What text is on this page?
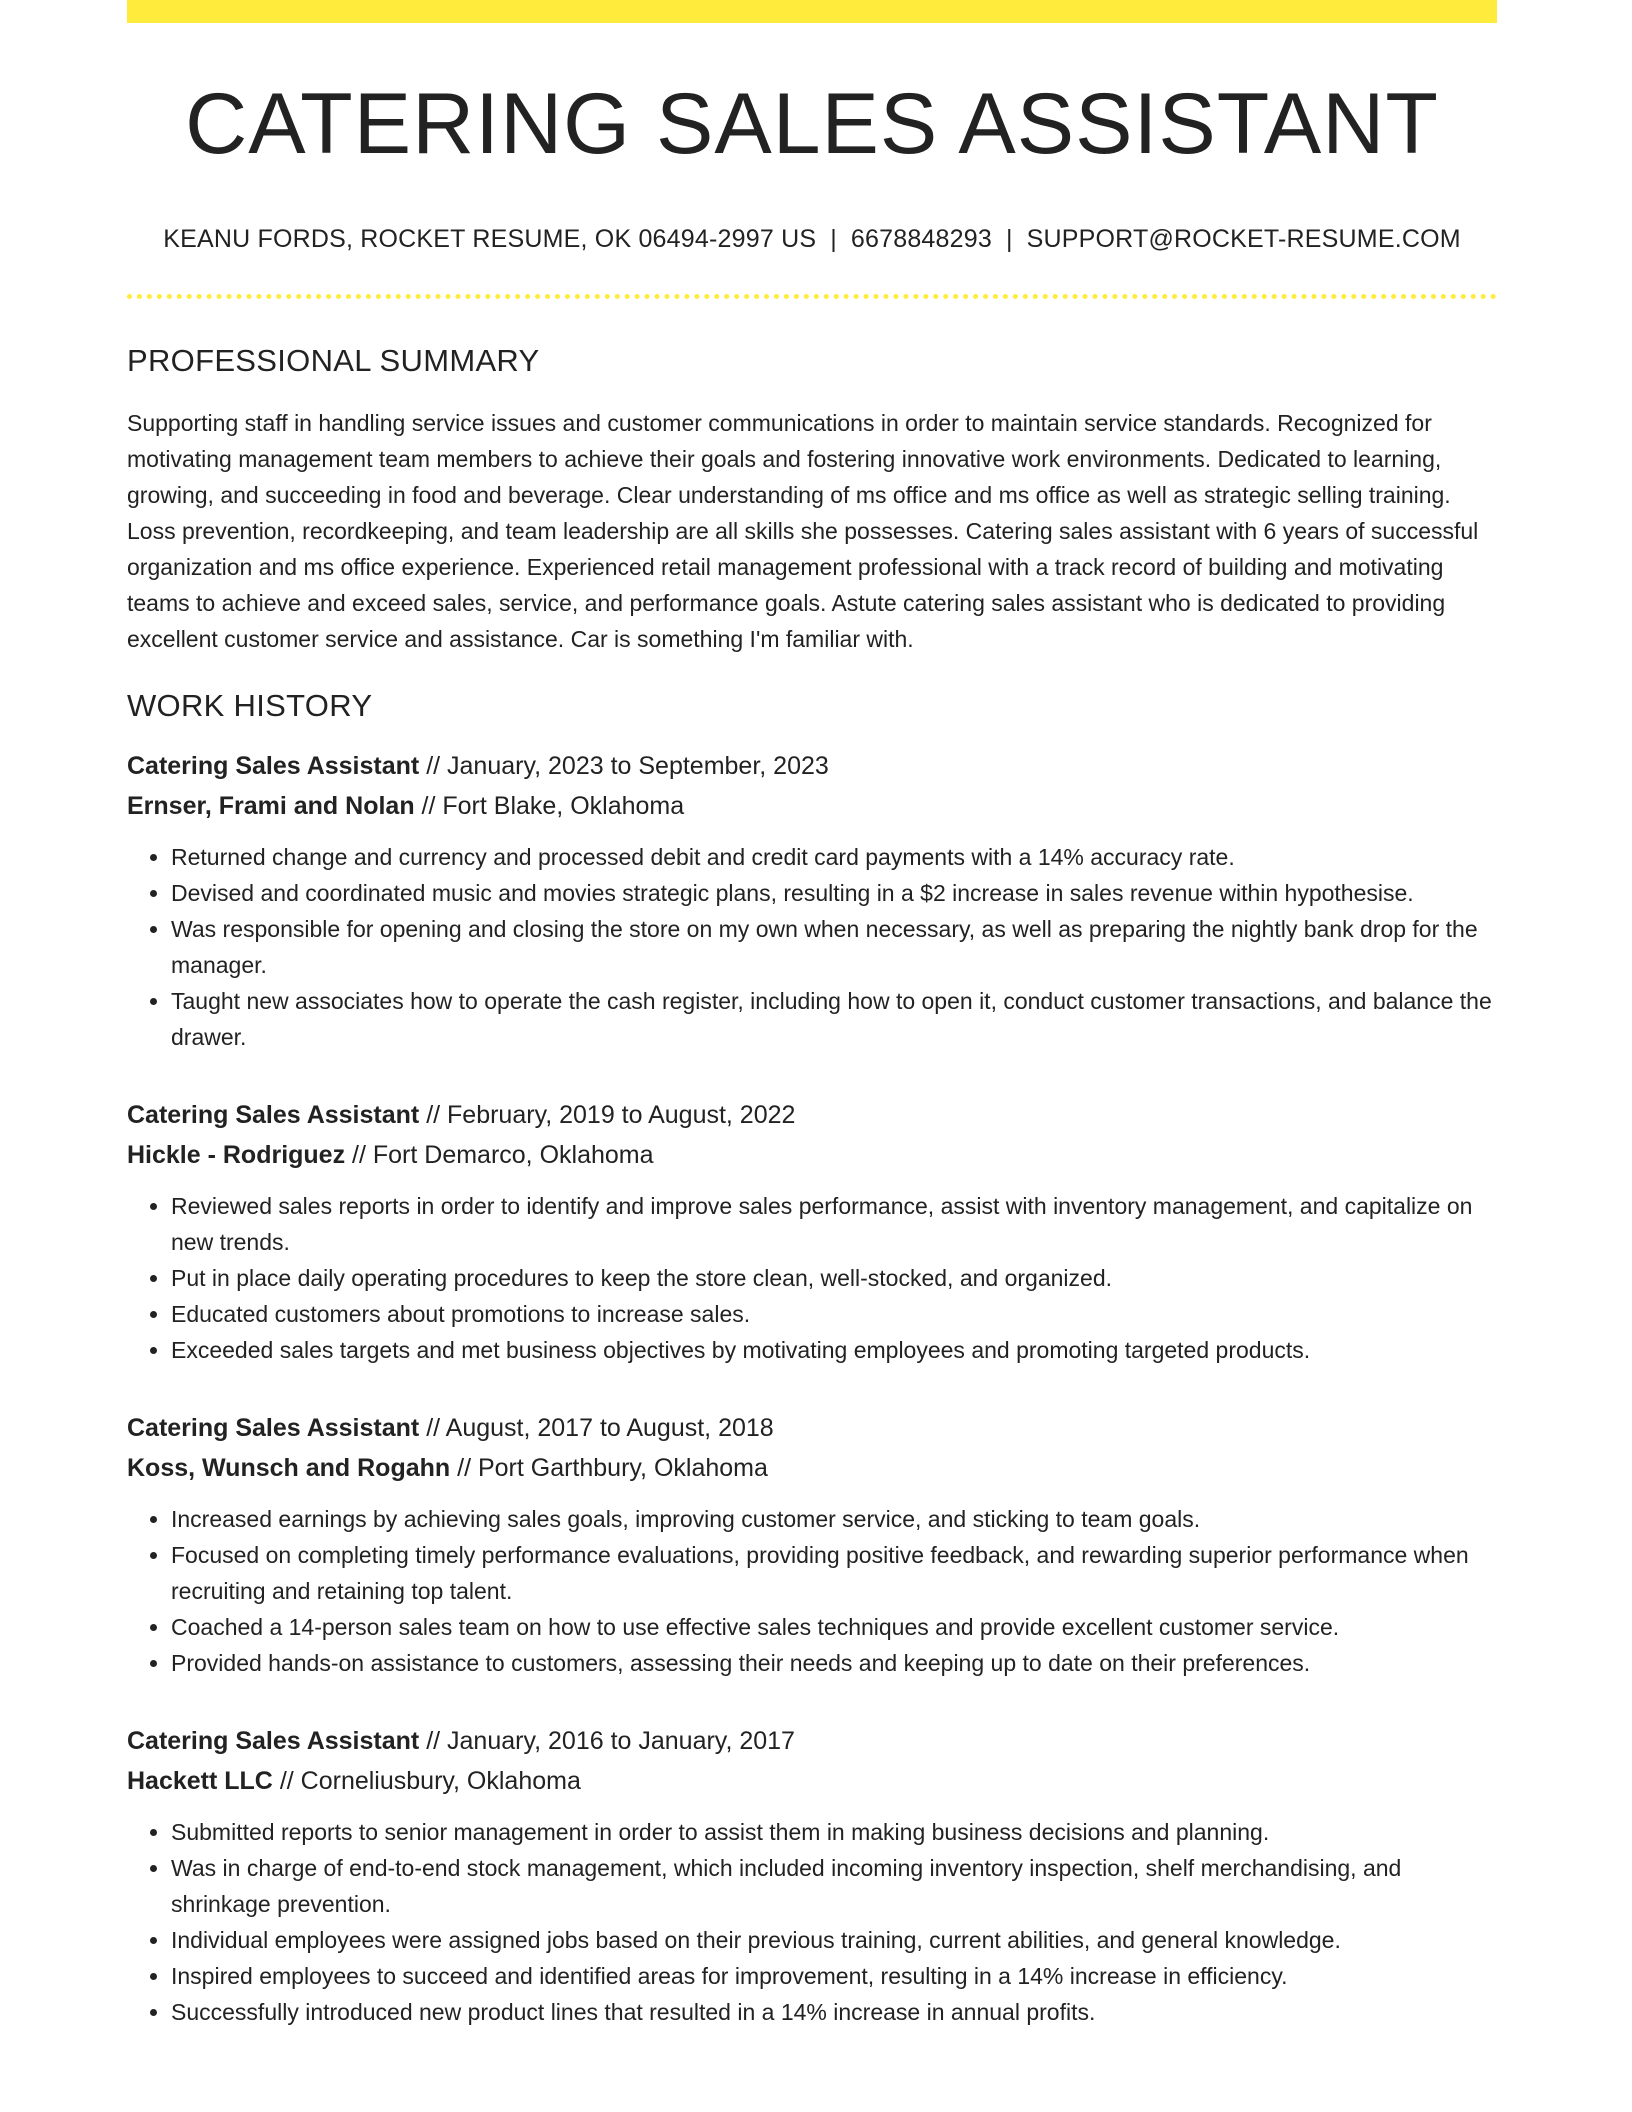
CATERING SALES ASSISTANT
KEANU FORDS, ROCKET RESUME, OK 06494-2997 US | 6678848293 | SUPPORT@ROCKET-RESUME.COM
PROFESSIONAL SUMMARY

Supporting staff in handling service issues and customer communications in order to maintain service standards. Recognized for motivating management team members to achieve their goals and fostering innovative work environments. Dedicated to learning, growing, and succeeding in food and beverage. Clear understanding of ms office and ms office as well as strategic selling training. Loss prevention, recordkeeping, and team leadership are all skills she possesses. Catering sales assistant with 6 years of successful organization and ms office experience. Experienced retail management professional with a track record of building and motivating teams to achieve and exceed sales, service, and performance goals. Astute catering sales assistant who is dedicated to providing excellent customer service and assistance. Car is something I'm familiar with.

WORK HISTORY
Catering Sales Assistant // January, 2023 to September, 2023
Ernser, Frami and Nolan // Fort Blake, Oklahoma
• Returned change and currency and processed debit and credit card payments with a 14% accuracy rate.
• Devised and coordinated music and movies strategic plans, resulting in a $2 increase in sales revenue within hypothesise.
• Was responsible for opening and closing the store on my own when necessary, as well as preparing the nightly bank drop for the manager.
• Taught new associates how to operate the cash register, including how to open it, conduct customer transactions, and balance the drawer.
Catering Sales Assistant // February, 2019 to August, 2022
Hickle - Rodriguez // Fort Demarco, Oklahoma
• Reviewed sales reports in order to identify and improve sales performance, assist with inventory management, and capitalize on new trends.
• Put in place daily operating procedures to keep the store clean, well-stocked, and organized.
• Educated customers about promotions to increase sales.
• Exceeded sales targets and met business objectives by motivating employees and promoting targeted products.
Catering Sales Assistant // August, 2017 to August, 2018
Koss, Wunsch and Rogahn // Port Garthbury, Oklahoma
• Increased earnings by achieving sales goals, improving customer service, and sticking to team goals.
• Focused on completing timely performance evaluations, providing positive feedback, and rewarding superior performance when recruiting and retaining top talent.
• Coached a 14-person sales team on how to use effective sales techniques and provide excellent customer service.
• Provided hands-on assistance to customers, assessing their needs and keeping up to date on their preferences.
Catering Sales Assistant // January, 2016 to January, 2017
Hackett LLC // Corneliusbury, Oklahoma
• Submitted reports to senior management in order to assist them in making business decisions and planning.
• Was in charge of end-to-end stock management, which included incoming inventory inspection, shelf merchandising, and shrinkage prevention.
• Individual employees were assigned jobs based on their previous training, current abilities, and general knowledge.
• Inspired employees to succeed and identified areas for improvement, resulting in a 14% increase in efficiency.
• Successfully introduced new product lines that resulted in a 14% increase in annual profits.
